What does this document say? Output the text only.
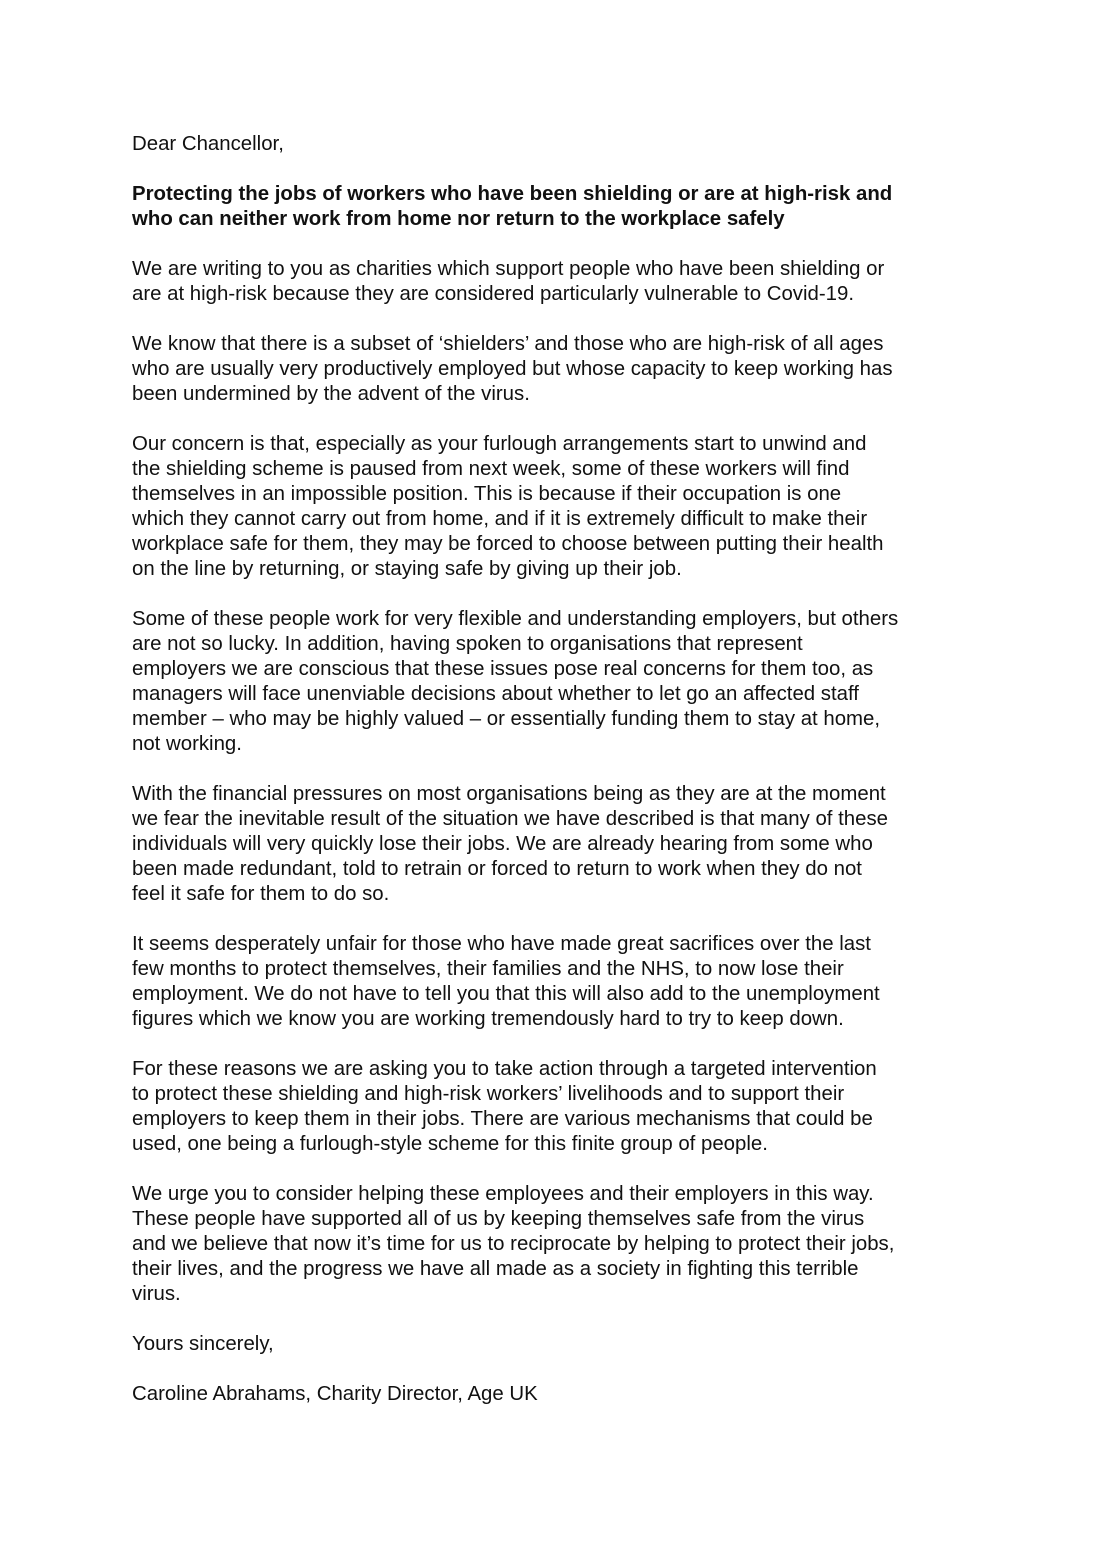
Dear Chancellor,

Protecting the jobs of workers who have been shielding or are at high-risk and
who can neither work from home nor return to the workplace safely

We are writing to you as charities which support people who have been shielding or
are at high-risk because they are considered particularly vulnerable to Covid-19.

We know that there is a subset of ‘shielders’ and those who are high-risk of all ages
who are usually very productively employed but whose capacity to keep working has
been undermined by the advent of the virus.

Our concern is that, especially as your furlough arrangements start to unwind and
the shielding scheme is paused from next week, some of these workers will find
themselves in an impossible position. This is because if their occupation is one
which they cannot carry out from home, and if it is extremely difficult to make their
workplace safe for them, they may be forced to choose between putting their health
on the line by returning, or staying safe by giving up their job.

Some of these people work for very flexible and understanding employers, but others
are not so lucky. In addition, having spoken to organisations that represent
employers we are conscious that these issues pose real concerns for them too, as
managers will face unenviable decisions about whether to let go an affected staff
member – who may be highly valued – or essentially funding them to stay at home,
not working.

With the financial pressures on most organisations being as they are at the moment
we fear the inevitable result of the situation we have described is that many of these
individuals will very quickly lose their jobs. We are already hearing from some who
been made redundant, told to retrain or forced to return to work when they do not
feel it safe for them to do so.

It seems desperately unfair for those who have made great sacrifices over the last
few months to protect themselves, their families and the NHS, to now lose their
employment. We do not have to tell you that this will also add to the unemployment
figures which we know you are working tremendously hard to try to keep down.

For these reasons we are asking you to take action through a targeted intervention
to protect these shielding and high-risk workers’ livelihoods and to support their
employers to keep them in their jobs. There are various mechanisms that could be
used, one being a furlough-style scheme for this finite group of people.

We urge you to consider helping these employees and their employers in this way.
These people have supported all of us by keeping themselves safe from the virus
and we believe that now it’s time for us to reciprocate by helping to protect their jobs,
their lives, and the progress we have all made as a society in fighting this terrible
virus.

Yours sincerely,

Caroline Abrahams, Charity Director, Age UK
